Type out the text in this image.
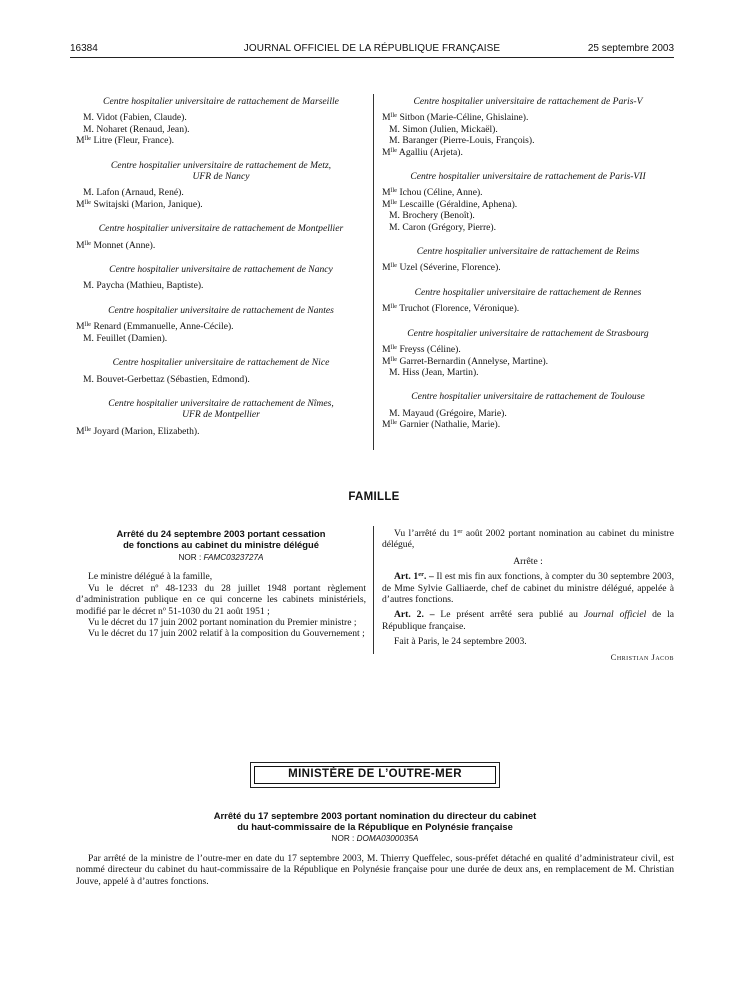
16384	JOURNAL OFFICIEL DE LA RÉPUBLIQUE FRANÇAISE	25 septembre 2003
Centre hospitalier universitaire de rattachement de Marseille
M. Vidot (Fabien, Claude).
M. Noharet (Renaud, Jean).
$M^{lle}$ Litre (Fleur, France).
Centre hospitalier universitaire de rattachement de Metz,
UFR de Nancy
M. Lafon (Arnaud, René).
$M^{lle}$ Switajski (Marion, Janique).
Centre hospitalier universitaire de rattachement de Montpellier
$M^{lle}$ Monnet (Anne).
Centre hospitalier universitaire de rattachement de Nancy
M. Paycha (Mathieu, Baptiste).
Centre hospitalier universitaire de rattachement de Nantes
$M^{lle}$ Renard (Emmanuelle, Anne-Cécile).
M. Feuillet (Damien).
Centre hospitalier universitaire de rattachement de Nice
M. Bouvet-Gerbettaz (Sébastien, Edmond).
Centre hospitalier universitaire de rattachement de Nîmes,
UFR de Montpellier
$M^{lle}$ Joyard (Marion, Elizabeth).
Centre hospitalier universitaire de rattachement de Paris-V
$M^{lle}$ Sitbon (Marie-Céline, Ghislaine).
M. Simon (Julien, Mickaël).
M. Baranger (Pierre-Louis, François).
$M^{lle}$ Agalliu (Arjeta).
Centre hospitalier universitaire de rattachement de Paris-VII
$M^{lle}$ Ichou (Céline, Anne).
$M^{lle}$ Lescaille (Géraldine, Aphena).
M. Brochery (Benoît).
M. Caron (Grégory, Pierre).
Centre hospitalier universitaire de rattachement de Reims
$M^{lle}$ Uzel (Séverine, Florence).
Centre hospitalier universitaire de rattachement de Rennes
$M^{lle}$ Truchot (Florence, Véronique).
Centre hospitalier universitaire de rattachement de Strasbourg
$M^{lle}$ Freyss (Céline).
$M^{lle}$ Garret-Bernardin (Annelyse, Martine).
M. Hiss (Jean, Martin).
Centre hospitalier universitaire de rattachement de Toulouse
M. Mayaud (Grégoire, Marie).
$M^{lle}$ Garnier (Nathalie, Marie).
FAMILLE
Arrêté du 24 septembre 2003 portant cessation
de fonctions au cabinet du ministre délégué
NOR : FAMC0323727A
Le ministre délégué à la famille,
Vu le décret nº 48-1233 du 28 juillet 1948 portant règlement d’administration publique en ce qui concerne les cabinets ministériels, modifié par le décret nº 51-1030 du 21 août 1951 ;
Vu le décret du 17 juin 2002 portant nomination du Premier ministre ;
Vu le décret du 17 juin 2002 relatif à la composition du Gouvernement ;
Vu l’arrêté du 1er août 2002 portant nomination au cabinet du ministre délégué,
Arrête :
Art. 1er. – Il est mis fin aux fonctions, à compter du 30 septembre 2003, de Mme Sylvie Galliaerde, chef de cabinet du ministre délégué, appelée à d’autres fonctions.
Art. 2. – Le présent arrêté sera publié au Journal officiel de la République française.
Fait à Paris, le 24 septembre 2003.
Christian Jacob
MINISTÈRE DE L’OUTRE-MER
Arrêté du 17 septembre 2003 portant nomination du directeur du cabinet
du haut-commissaire de la République en Polynésie française
NOR : DOMA0300035A
Par arrêté de la ministre de l’outre-mer en date du 17 septembre 2003, M. Thierry Queffelec, sous-préfet détaché en qualité d’administrateur civil, est nommé directeur du cabinet du haut-commissaire de la République en Polynésie française pour une durée de deux ans, en remplacement de M. Christian Jouve, appelé à d’autres fonctions.
